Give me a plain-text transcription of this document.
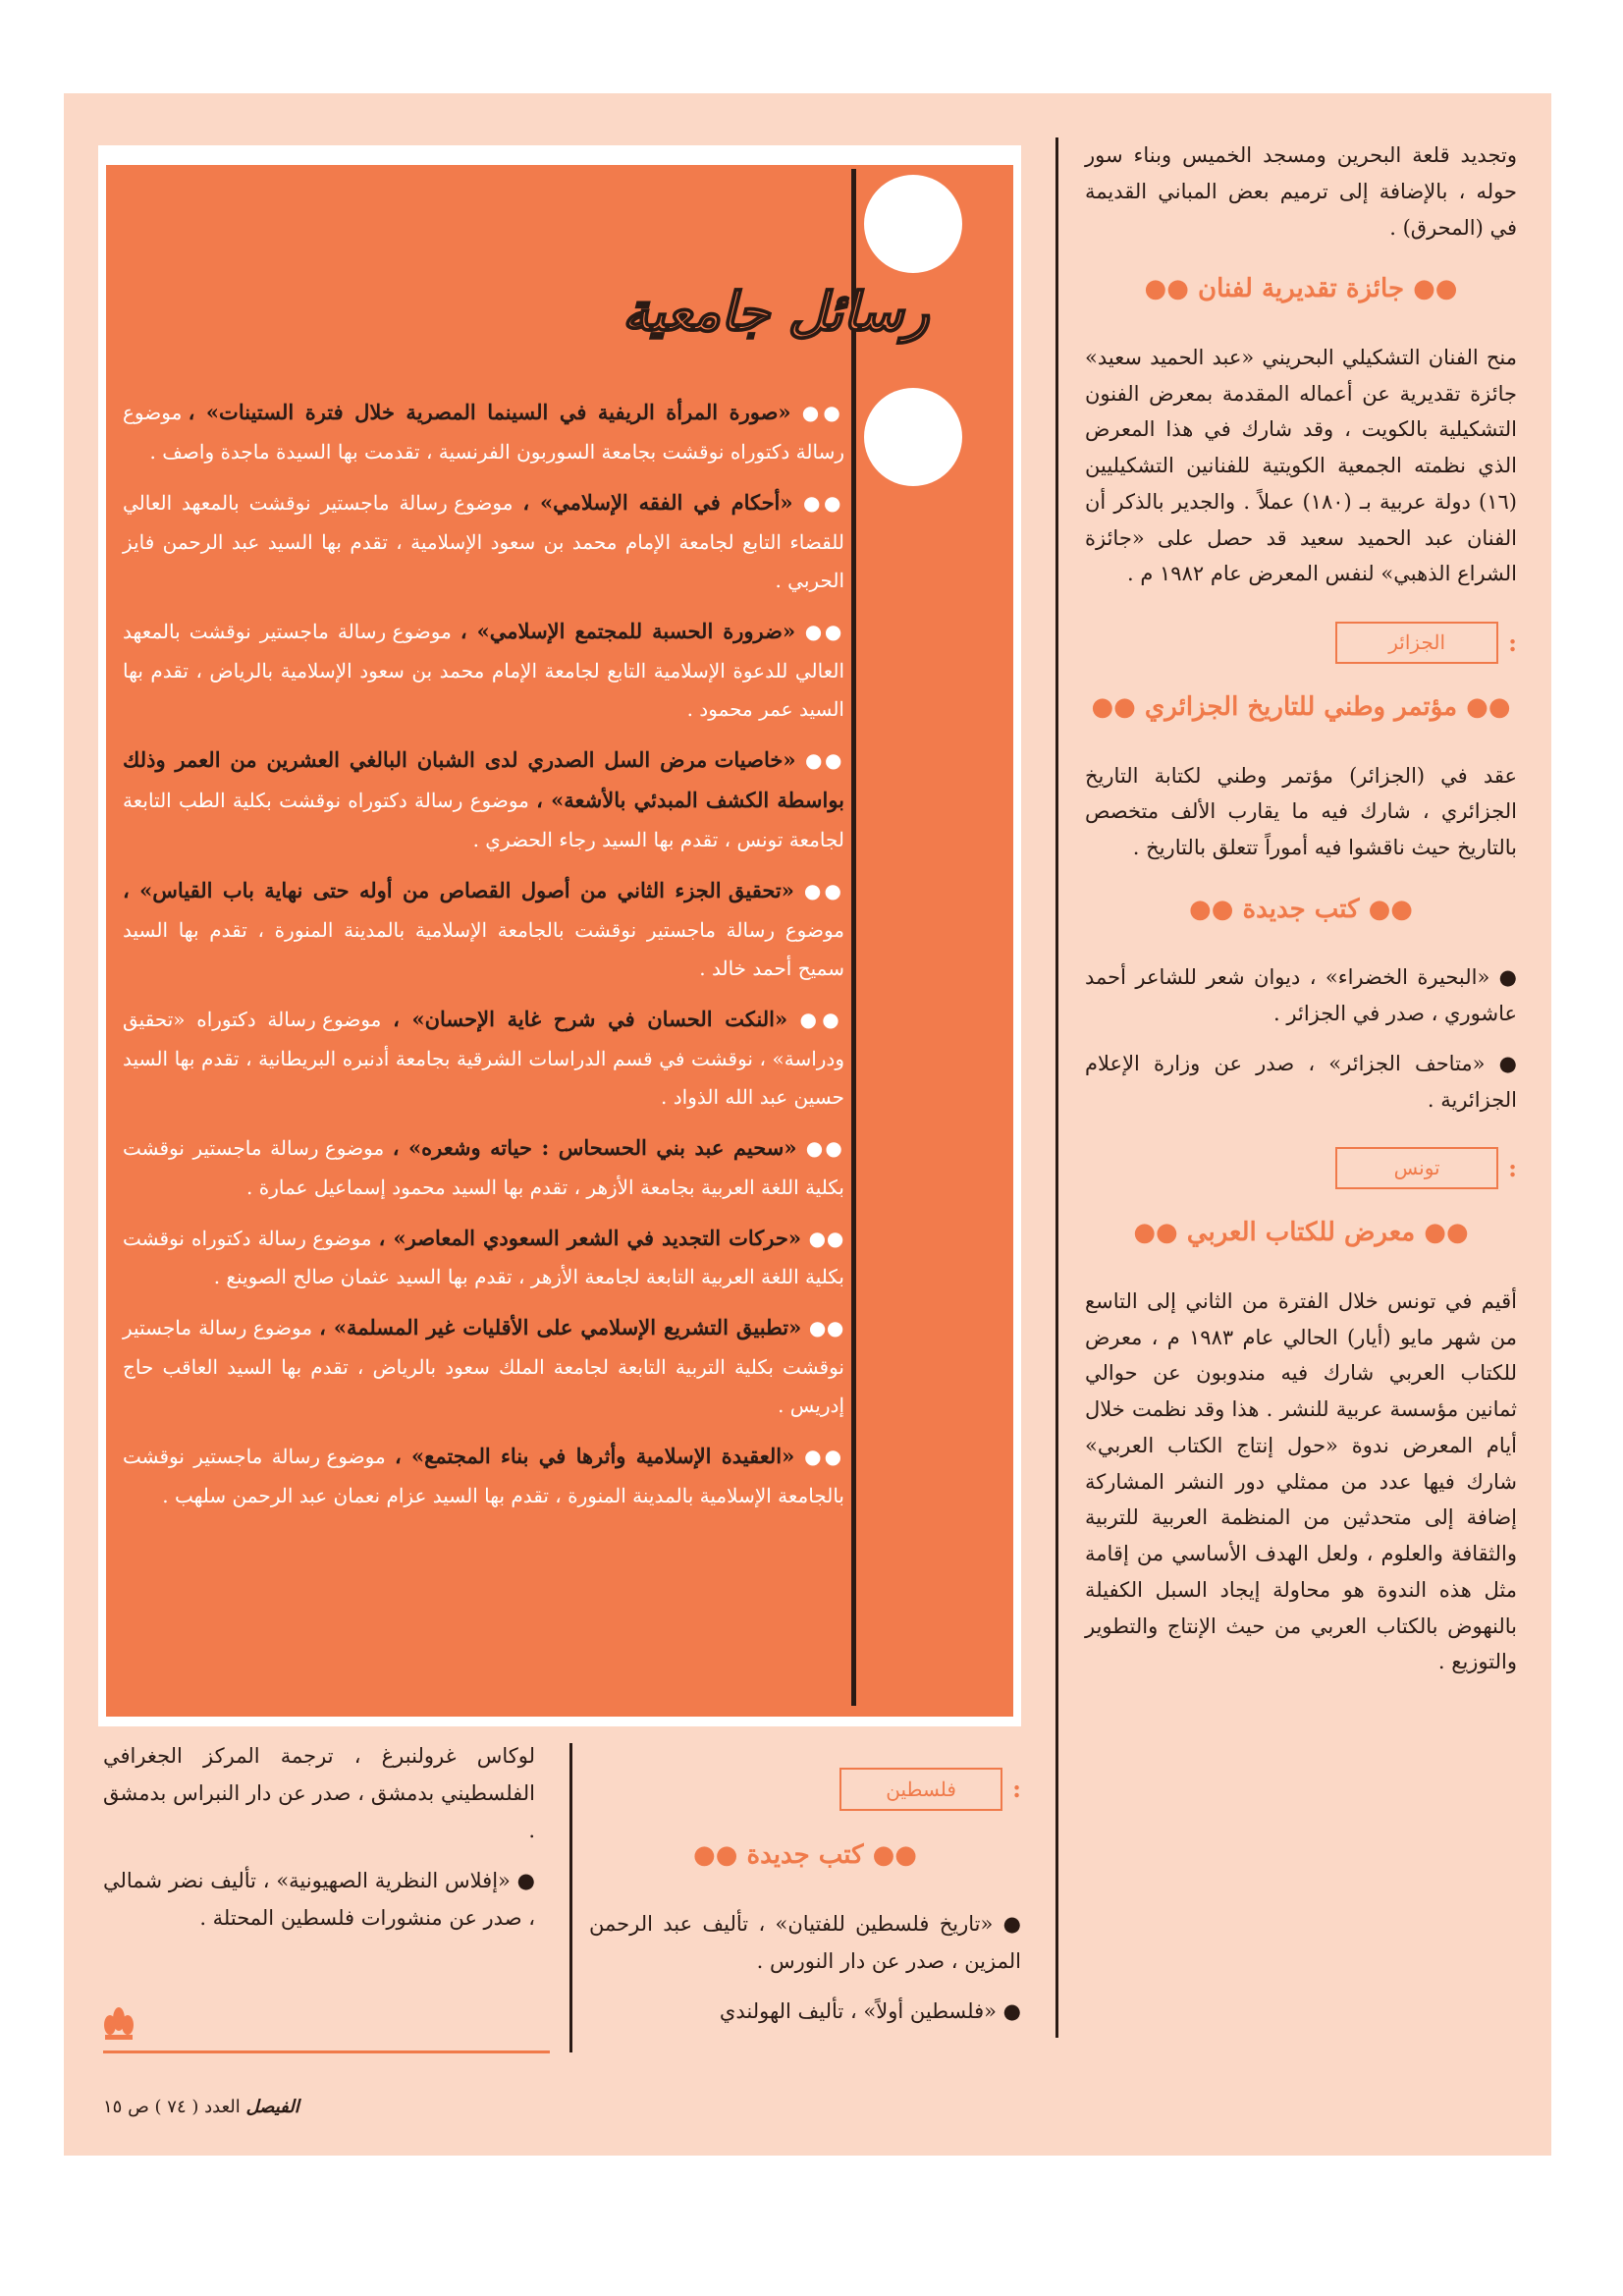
وتجديد قلعة البحرين ومسجد الخميس وبناء سور حوله ، بالإضافة إلى ترميم بعض المباني القديمة في (المحرق) .

●● جائزة تقديرية لفنان ●●

منح الفنان التشكيلي البحريني «عبد الحميد سعيد» جائزة تقديرية عن أعماله المقدمة بمعرض الفنون التشكيلية بالكويت ، وقد شارك في هذا المعرض الذي نظمته الجمعية الكويتية للفنانين التشكيليين (١٦) دولة عربية بـ (١٨٠) عملاً . والجدير بالذكر أن الفنان عبد الحميد سعيد قد حصل على «جائزة الشراع الذهبي» لنفس المعرض عام ١٩٨٢ م .

:
الجزائر
●● مؤتمر وطني للتاريخ الجزائري ●●

عقد في (الجزائر) مؤتمر وطني لكتابة التاريخ الجزائري ، شارك فيه ما يقارب الألف متخصص بالتاريخ حيث ناقشوا فيه أموراً تتعلق بالتاريخ .

●● كتب جديدة ●●

● «البحيرة الخضراء» ، ديوان شعر للشاعر أحمد عاشوري ، صدر في الجزائر .

● «متاحف الجزائر» ، صدر عن وزارة الإعلام الجزائرية .

:
تونس
●● معرض للكتاب العربي ●●

أقيم في تونس خلال الفترة من الثاني إلى التاسع من شهر مايو (أيار) الحالي عام ١٩٨٣ م ، معرض للكتاب العربي شارك فيه مندوبون عن حوالي ثمانين مؤسسة عربية للنشر . هذا وقد نظمت خلال أيام المعرض ندوة «حول إنتاج الكتاب العربي» شارك فيها عدد من ممثلي دور النشر المشاركة إضافة إلى متحدثين من المنظمة العربية للتربية والثقافة والعلوم ، ولعل الهدف الأساسي من إقامة مثل هذه الندوة هو محاولة إيجاد السبل الكفيلة بالنهوض بالكتاب العربي من حيث الإنتاج والتطوير والتوزيع .

رسائل جامعية
●● «صورة المرأة الريفية في السينما المصرية خلال فترة الستينات» ، موضوع رسالة دكتوراه نوقشت بجامعة السوربون الفرنسية ، تقدمت بها السيدة ماجدة واصف .
●● «أحكام في الفقه الإسلامي» ، موضوع رسالة ماجستير نوقشت بالمعهد العالي للقضاء التابع لجامعة الإمام محمد بن سعود الإسلامية ، تقدم بها السيد عبد الرحمن فايز الحربي .
●● «ضرورة الحسبة للمجتمع الإسلامي» ، موضوع رسالة ماجستير نوقشت بالمعهد العالي للدعوة الإسلامية التابع لجامعة الإمام محمد بن سعود الإسلامية بالرياض ، تقدم بها السيد عمر محمود .
●● «خاصيات مرض السل الصدري لدى الشبان البالغي العشرين من العمر وذلك بواسطة الكشف المبدئي بالأشعة» ، موضوع رسالة دكتوراه نوقشت بكلية الطب التابعة لجامعة تونس ، تقدم بها السيد رجاء الحضري .
●● «تحقيق الجزء الثاني من أصول القصاص من أوله حتى نهاية باب القياس» ، موضوع رسالة ماجستير نوقشت بالجامعة الإسلامية بالمدينة المنورة ، تقدم بها السيد سميح أحمد خالد .
●● «النكت الحسان في شرح غاية الإحسان» ، موضوع رسالة دكتوراه «تحقيق ودراسة» ، نوقشت في قسم الدراسات الشرقية بجامعة أدنبره البريطانية ، تقدم بها السيد حسين عبد الله الذواد .
●● «سحيم عبد بني الحسحاس : حياته وشعره» ، موضوع رسالة ماجستير نوقشت بكلية اللغة العربية بجامعة الأزهر ، تقدم بها السيد محمود إسماعيل عمارة .
●● «حركات التجديد في الشعر السعودي المعاصر» ، موضوع رسالة دكتوراه نوقشت بكلية اللغة العربية التابعة لجامعة الأزهر ، تقدم بها السيد عثمان صالح الصوينع .
●● «تطبيق التشريع الإسلامي على الأقليات غير المسلمة» ، موضوع رسالة ماجستير نوقشت بكلية التربية التابعة لجامعة الملك سعود بالرياض ، تقدم بها السيد العاقب حاج إدريس .
●● «العقيدة الإسلامية وأثرها في بناء المجتمع» ، موضوع رسالة ماجستير نوقشت بالجامعة الإسلامية بالمدينة المنورة ، تقدم بها السيد عزام نعمان عبد الرحمن سلهب .
:
فلسطين
●● كتب جديدة ●●

● «تاريخ فلسطين للفتيان» ، تأليف عبد الرحمن المزين ، صدر عن دار النورس .

● «فلسطين أولاً» ، تأليف الهولندي

لوكاس غرولنبرغ ، ترجمة المركز الجغرافي الفلسطيني بدمشق ، صدر عن دار النبراس بدمشق .

● «إفلاس النظرية الصهيونية» ، تأليف نضر شمالي ، صدر عن منشورات فلسطين المحتلة .

الفيصل العدد ( ٧٤ ) ص ١٥
